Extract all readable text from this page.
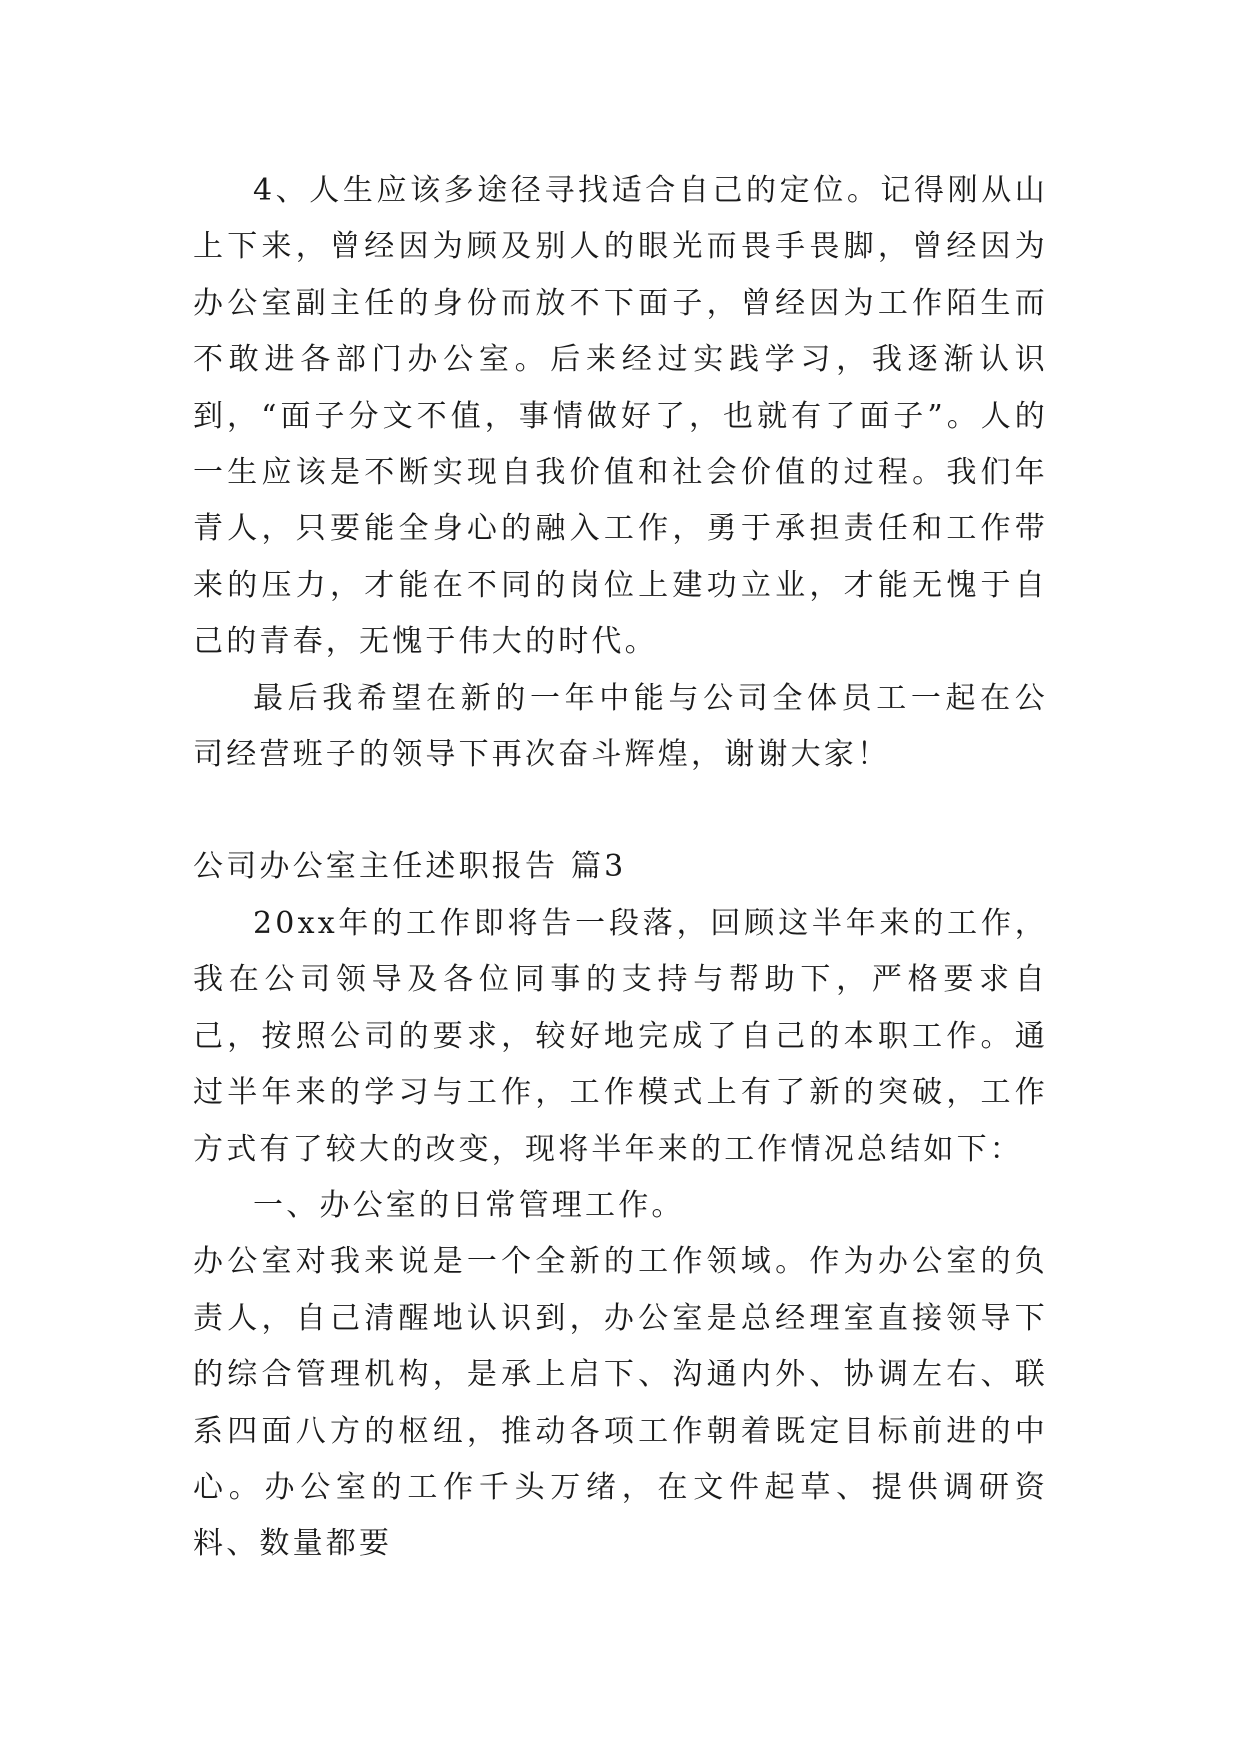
4、人生应该多途径寻找适合自己的定位。记得刚从山上下来，曾经因为顾及别人的眼光而畏手畏脚，曾经因为办公室副主任的身份而放不下面子，曾经因为工作陌生而不敢进各部门办公室。后来经过实践学习，我逐渐认识到，“面子分文不值，事情做好了，也就有了面子”。人的一生应该是不断实现自我价值和社会价值的过程。我们年青人，只要能全身心的融入工作，勇于承担责任和工作带来的压力，才能在不同的岗位上建功立业，才能无愧于自己的青春，无愧于伟大的时代。

最后我希望在新的一年中能与公司全体员工一起在公司经营班子的领导下再次奋斗辉煌，谢谢大家！

公司办公室主任述职报告 篇3

20xx年的工作即将告一段落，回顾这半年来的工作，我在公司领导及各位同事的支持与帮助下，严格要求自己，按照公司的要求，较好地完成了自己的本职工作。通过半年来的学习与工作，工作模式上有了新的突破，工作方式有了较大的改变，现将半年来的工作情况总结如下：

一、办公室的日常管理工作。

办公室对我来说是一个全新的工作领域。作为办公室的负责人，自己清醒地认识到，办公室是总经理室直接领导下的综合管理机构，是承上启下、沟通内外、协调左右、联系四面八方的枢纽，推动各项工作朝着既定目标前进的中心。办公室的工作千头万绪，在文件起草、提供调研资料、数量都要
